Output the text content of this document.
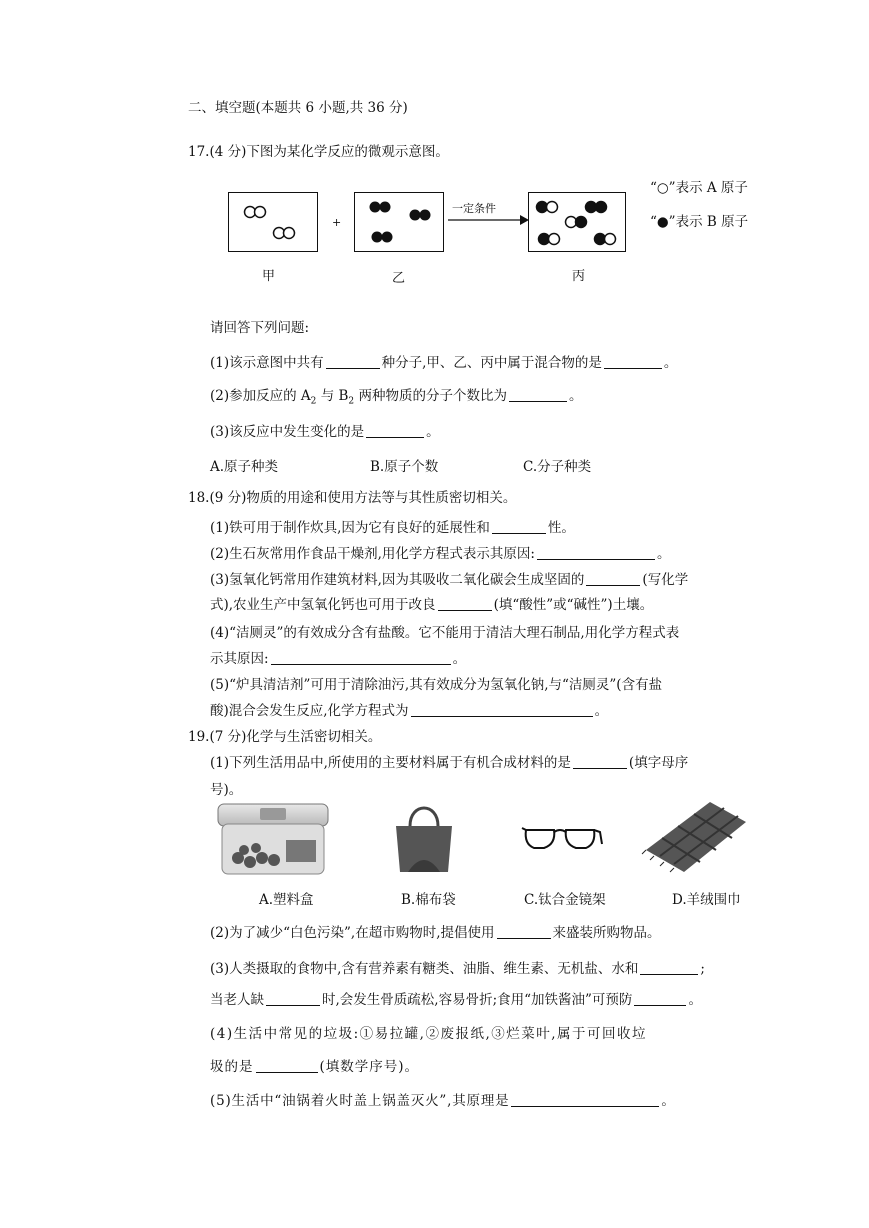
二、填空题(本题共 6 小题,共 36 分)
17.(4 分)下图为某化学反应的微观示意图。
“○”表示 A 原子
“●”表示 B 原子
+
一定条件
甲	乙	丙
请回答下列问题:
(1)该示意图中共有	种分子,甲、乙、丙中属于混合物的是	。
(2)参加反应的 $A_2$ 与 $B_2$ 两种物质的分子个数比为	。
(3)该反应中发生变化的是	。
A.原子种类	B.原子个数	C.分子种类
18.(9 分)物质的用途和使用方法等与其性质密切相关。
(1)铁可用于制作炊具,因为它有良好的延展性和	性。
(2)生石灰常用作食品干燥剂,用化学方程式表示其原因:	。
(3)氢氧化钙常用作建筑材料,因为其吸收二氧化碳会生成坚固的	(写化学
式),农业生产中氢氧化钙也可用于改良	(填“酸性”或“碱性”)土壤。
(4)“洁厕灵”的有效成分含有盐酸。它不能用于清洁大理石制品,用化学方程式表
示其原因:	。
(5)“炉具清洁剂”可用于清除油污,其有效成分为氢氧化钠,与“洁厕灵”(含有盐
酸)混合会发生反应,化学方程式为	。
19.(7 分)化学与生活密切相关。
(1)下列生活用品中,所使用的主要材料属于有机合成材料的是	(填字母序
号)。
A.塑料盒	B.棉布袋	C.钛合金镜架	D.羊绒围巾
(2)为了减少“白色污染”,在超市购物时,提倡使用	来盛装所购物品。
(3)人类摄取的食物中,含有营养素有糖类、油脂、维生素、无机盐、水和	;
当老人缺	时,会发生骨质疏松,容易骨折;食用“加铁酱油”可预防	。
(4)生活中常见的垃圾:①易拉罐,②废报纸,③烂菜叶,属于可回收垃
圾的是	(填数学序号)。
(5)生活中“油锅着火时盖上锅盖灭火”,其原理是	。
